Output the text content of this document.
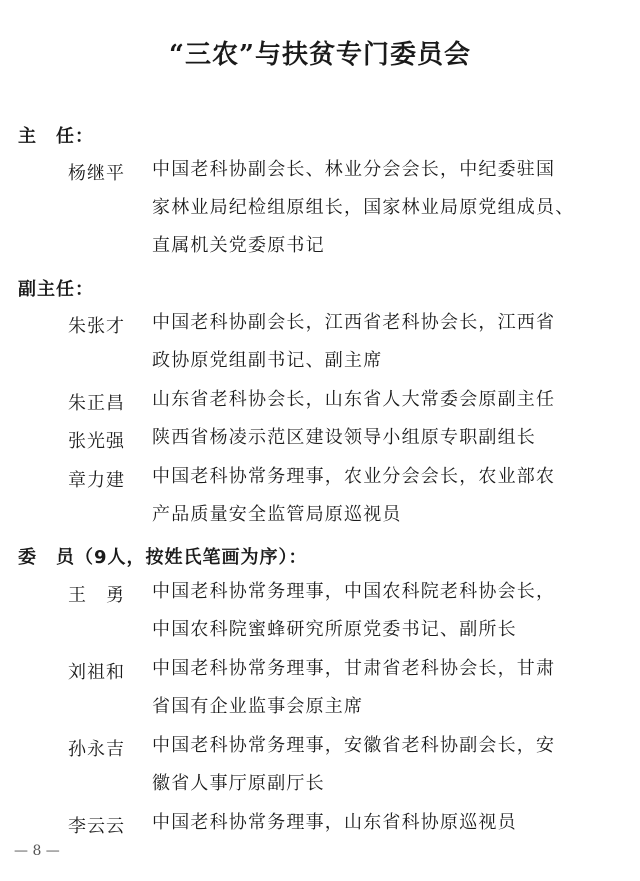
“三农”与扶贫专门委员会
主　任：
杨继平	中国老科协副会长、林业分会会长，中纪委驻国
家林业局纪检组原组长，国家林业局原党组成员、
直属机关党委原书记
副主任：
朱张才	中国老科协副会长，江西省老科协会长，江西省
政协原党组副书记、副主席
朱正昌	山东省老科协会长，山东省人大常委会原副主任
张光强	陕西省杨凌示范区建设领导小组原专职副组长
章力建	中国老科协常务理事，农业分会会长，农业部农
产品质量安全监管局原巡视员
委　员（9人，按姓氏笔画为序）：
王　勇	中国老科协常务理事，中国农科院老科协会长，
中国农科院蜜蜂研究所原党委书记、副所长
刘祖和	中国老科协常务理事，甘肃省老科协会长，甘肃
省国有企业监事会原主席
孙永吉	中国老科协常务理事，安徽省老科协副会长，安
徽省人事厅原副厅长
李云云	中国老科协常务理事，山东省科协原巡视员
— 8 —
